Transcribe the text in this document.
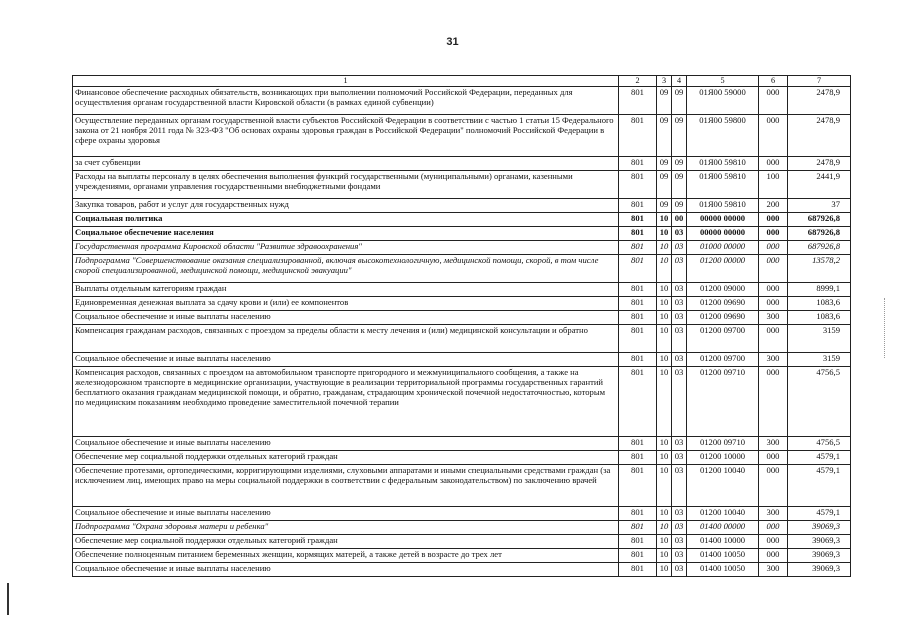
31
1	2	3	4	5	6	7
Финансовое обеспечение расходных обязательств, возникающих при выполнении полномочий Российской Федерации, переданных для осуществления органам государственной власти Кировской области (в рамках единой субвенции)	801	09	09	01Я00 59000	000	2478,9
Осуществление переданных органам государственной власти субъектов Российской Федерации в соответствии с частью 1 статьи 15 Федерального закона от 21 ноября 2011 года № 323-ФЗ "Об основах охраны здоровья граждан в Российской Федерации" полномочий Российской Федерации в сфере охраны здоровья	801	09	09	01Я00 59800	000	2478,9
за счет субвенции	801	09	09	01Я00 59810	000	2478,9
Расходы на выплаты персоналу в целях обеспечения выполнения функций государственными (муниципальными) органами, казенными учреждениями, органами управления государственными внебюджетными фондами	801	09	09	01Я00 59810	100	2441,9
Закупка товаров, работ и услуг для государственных нужд	801	09	09	01Я00 59810	200	37
Социальная политика	801	10	00	00000 00000	000	687926,8
Социальное обеспечение населения	801	10	03	00000 00000	000	687926,8
Государственная программа Кировской области "Развитие здравоохранения"	801	10	03	01000 00000	000	687926,8
Подпрограмма "Совершенствование оказания специализированной, включая высокотехнологичную, медицинской помощи, скорой, в том числе скорой специализированной, медицинской помощи, медицинской эвакуации"	801	10	03	01200 00000	000	13578,2
Выплаты отдельным категориям граждан	801	10	03	01200 09000	000	8999,1
Единовременная денежная выплата за сдачу крови и (или) ее компонентов	801	10	03	01200 09690	000	1083,6
Социальное обеспечение и иные выплаты населению	801	10	03	01200 09690	300	1083,6
Компенсация гражданам расходов, связанных с проездом за пределы области к месту лечения и (или) медицинской консультации и обратно	801	10	03	01200 09700	000	3159
Социальное обеспечение и иные выплаты населению	801	10	03	01200 09700	300	3159
Компенсация расходов, связанных с проездом на автомобильном транспорте пригородного и межмуниципального сообщения, а также на железнодорожном транспорте в медицинские организации, участвующие в реализации территориальной программы государственных гарантий бесплатного оказания гражданам медицинской помощи, и обратно, гражданам, страдающим хронической почечной недостаточностью, которым по медицинским показаниям необходимо проведение заместительной почечной терапии	801	10	03	01200 09710	000	4756,5
Социальное обеспечение и иные выплаты населению	801	10	03	01200 09710	300	4756,5
Обеспечение мер социальной поддержки отдельных категорий граждан	801	10	03	01200 10000	000	4579,1
Обеспечение протезами, ортопедическими, корригирующими изделиями, слуховыми аппаратами и иными специальными средствами граждан (за исключением лиц, имеющих право на меры социальной поддержки в соответствии с федеральным законодательством) по заключению врачей	801	10	03	01200 10040	000	4579,1
Социальное обеспечение и иные выплаты населению	801	10	03	01200 10040	300	4579,1
Подпрограмма "Охрана здоровья матери и ребенка"	801	10	03	01400 00000	000	39069,3
Обеспечение мер социальной поддержки отдельных категорий граждан	801	10	03	01400 10000	000	39069,3
Обеспечение полноценным питанием беременных женщин, кормящих матерей, а также детей в возрасте до трех лет	801	10	03	01400 10050	000	39069,3
Социальное обеспечение и иные выплаты населению	801	10	03	01400 10050	300	39069,3
